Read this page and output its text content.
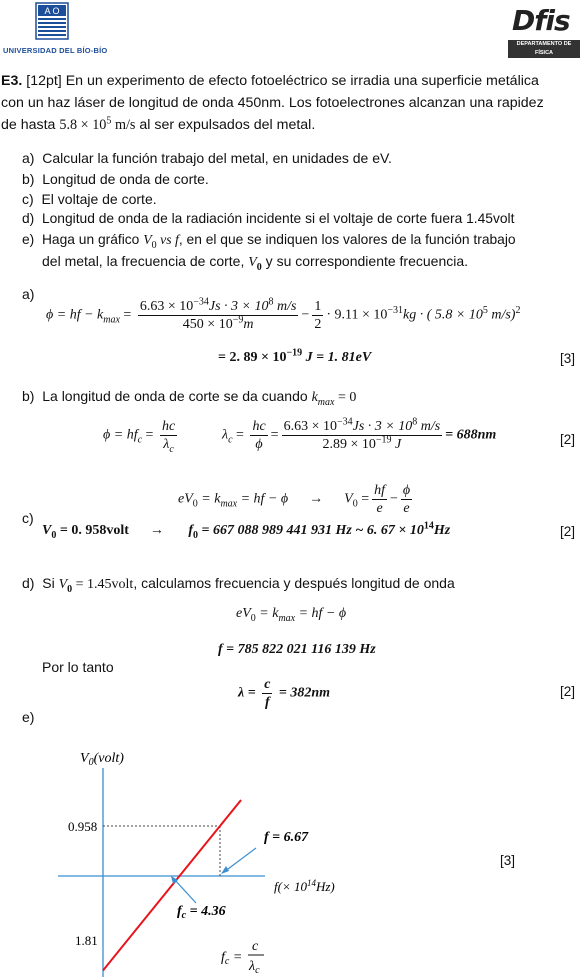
A O
UNIVERSIDAD DEL BÍO-BÍO
Dfis
DEPARTAMENTO DE FÍSICA
UNIVERSIDAD DEL BÍO-BÍO
E3. [12pt] En un experimento de efecto fotoeléctrico se irradia una superficie metálica
con un haz láser de longitud de onda 450nm. Los fotoelectrones alcanzan una rapidez
de hasta $5.8 \times 10^5$ m/s al ser expulsados del metal.
a) Calcular la función trabajo del metal, en unidades de eV.
b) Longitud de onda de corte.
c) El voltaje de corte.
d) Longitud de onda de la radiación incidente si el voltaje de corte fuera 1.45volt
e) Haga un gráfico $V_0$ vs f, en el que se indiquen los valores de la función trabajo
del metal, la frecuencia de corte, $V_0$ y su correspondiente frecuencia.
a)
ϕ = hf − $k_{max} = \frac{6.63 \times 10^{-34}Js \cdot 3 \times 10^8 m/s}{450 \times 10^{-9}m} - \frac{1}{2} \cdot 9.11 \times 10^{-31}kg$ · ( $5.8 \times 10^5$ m/s)$^2$
= 2. $89 \times 10^{-19}$ J = 1. 81eV	[3]
b) La longitud de onda de corte se da cuando $k_{max} = 0$
$\phi = hf_c = \frac{hc}{\lambda_c}$	$\lambda_c = \frac{hc}{\phi} = \frac{6.63 \times 10^{-34}Js \cdot 3 \times 10^8 m/s}{2.89 \times 10^{-19} J} = 688nm$	[2]
$eV_0 = k_{max}$ = hf − $\phi \to V_0 = \frac{hf}{e} - \frac{\phi}{e}$
c)
$V_0 = 0$. 958volt → $f_0 = 667$ 088 989 441 931 Hz ~ 6. $67 \times 10^{14}Hz$	[2]
d) Si $V_0$ = 1.45volt, calculamos frecuencia y después longitud de onda
$eV_0 = k_{max}$ = hf − ϕ
f = 785 822 021 116 139 Hz
Por lo tanto
$\lambda = \frac{c}{f} = 382nm$	[2]
e)
[3]
$V_0(volt)$
0.958
1.81
f = 6.67
$f(\times 10^{14}Hz)$
$f_c = 4.36$
$f_c$ =
c
$\lambda_c$
